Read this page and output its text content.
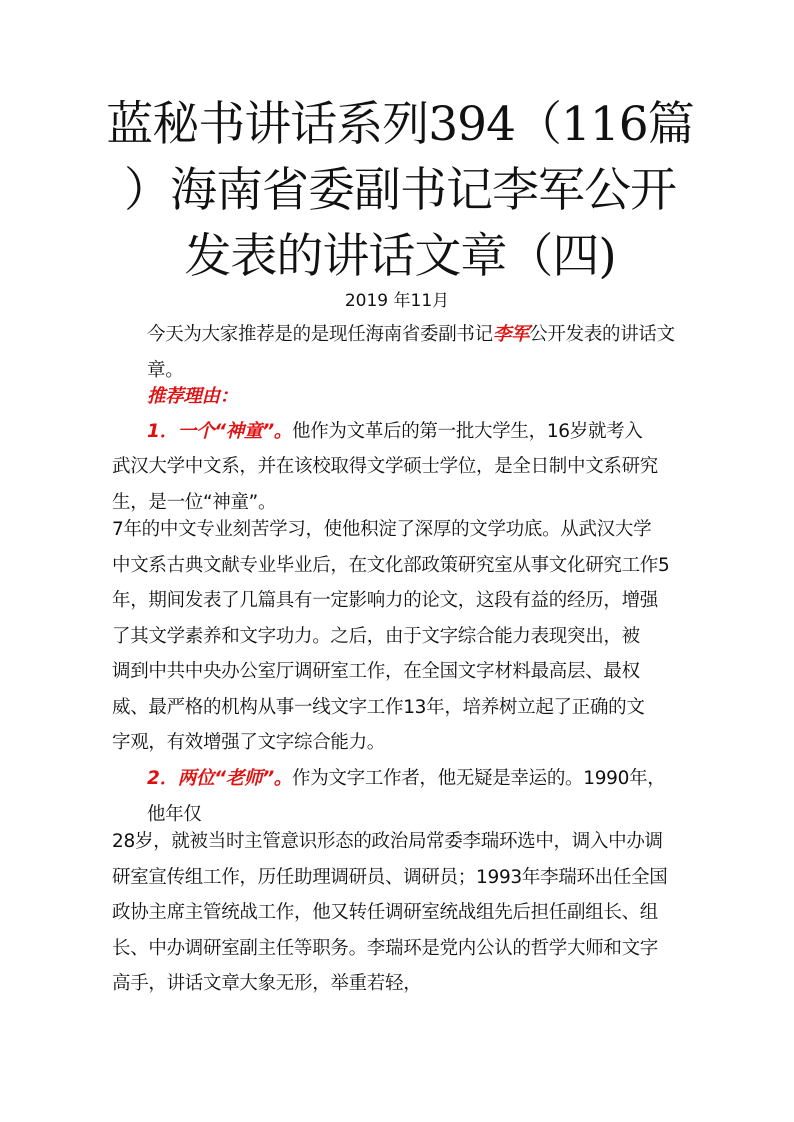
蓝秘书讲话系列394（116篇
）海南省委副书记李军公开
发表的讲话文章（四)
2019 年11月

今天为大家推荐是的是现任海南省委副书记李军公开发表的讲话文
章。

推荐理由：

1．一个“神童”。他作为文革后的第一批大学生，16岁就考入

武汉大学中文系，并在该校取得文学硕士学位，是全日制中文系研究
生，是一位“神童”。

7年的中文专业刻苦学习，使他积淀了深厚的文学功底。从武汉大学
中文系古典文献专业毕业后，在文化部政策研究室从事文化研究工作5
年，期间发表了几篇具有一定影响力的论文，这段有益的经历，增强
了其文学素养和文字功力。之后，由于文字综合能力表现突出，被
调到中共中央办公室厅调研室工作，在全国文字材料最高层、最权
威、最严格的机构从事一线文字工作13年，培养树立起了正确的文
字观，有效增强了文字综合能力。

2．两位“老师”。作为文字工作者，他无疑是幸运的。1990年，
他年仅

28岁，就被当时主管意识形态的政治局常委李瑞环选中，调入中办调
研室宣传组工作，历任助理调研员、调研员；1993年李瑞环出任全国
政协主席主管统战工作，他又转任调研室统战组先后担任副组长、组
长、中办调研室副主任等职务。李瑞环是党内公认的哲学大师和文字
高手，讲话文章大象无形，举重若轻，
